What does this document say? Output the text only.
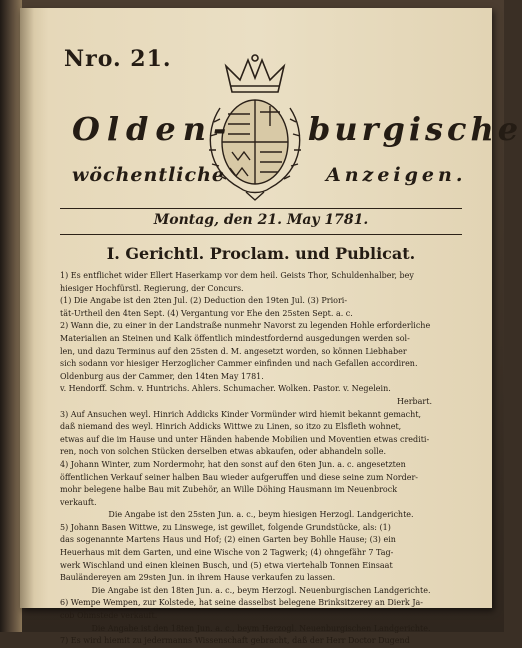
Nro. 21.
Olden- burgische
wöchentliche	Anzeigen.
Montag, den 21. May 1781.
I. Gerichtl. Proclam. und Publicat.

1) Es entflichet wider Ellert Haserkamp vor dem heil. Geists Thor, Schuldenhalber, bey

hiesiger Hochfürstl. Regierung, der Concurs.

(1) Die Angabe ist den 2ten Jul. (2) Deduction den 19ten Jul. (3) Priori-

tät-Urtheil den 4ten Sept. (4) Vergantung vor Ehe den 25sten Sept. a. c.

2) Wann die, zu einer in der Landstraße nunmehr Navorst zu legenden Hohle erforderliche

Materialien an Steinen und Kalk öffentlich mindestfordernd ausgedungen werden sol-

len, und dazu Terminus auf den 25sten d. M. angesetzt worden, so können Liebhaber

sich sodann vor hiesiger Herzoglicher Cammer einfinden und nach Gefallen accordiren.

Oldenburg aus der Cammer, den 14ten May 1781.

v. Hendorff. Schm. v. Huntrichs. Ahlers. Schumacher. Wolken. Pastor. v. Negelein.

Herbart.

3) Auf Ansuchen weyl. Hinrich Addicks Kinder Vormünder wird hiemit bekannt gemacht,

daß niemand des weyl. Hinrich Addicks Wittwe zu Linen, so itzo zu Elsfleth wohnet,

etwas auf die im Hause und unter Händen habende Mobilien und Moventien etwas crediti-

ren, noch von solchen Stücken derselben etwas abkaufen, oder abhandeln solle.

4) Johann Winter, zum Nordermohr, hat den sonst auf den 6ten Jun. a. c. angesetzten

öffentlichen Verkauf seiner halben Bau wieder aufgeruffen und diese seine zum Norder-

mohr belegene halbe Bau mit Zubehör, an Wille Döhing Hausmann im Neuenbrock

verkauft.

Die Angabe ist den 25sten Jun. a. c., beym hiesigen Herzogl. Landgerichte.

5) Johann Basen Wittwe, zu Linswege, ist gewillet, folgende Grundstücke, als: (1)

das sogenannte Martens Haus und Hof; (2) einen Garten bey Bohlle Hause; (3) ein

Heuerhaus mit dem Garten, und eine Wische von 2 Tagwerk; (4) ohngefähr 7 Tag-

werk Wischland und einen kleinen Busch, und (5) etwa viertehalb Tonnen Einsaat

Bauländereyen am 29sten Jun. in ihrem Hause verkaufen zu lassen.

Die Angabe ist den 18ten Jun. a. c., beym Herzogl. Neuenburgischen Landgerichte.

6) Wempe Wempen, zur Kolstede, hat seine dasselbst belegene Brinksitzerey an Dierk Ja-

cob Ohmstede verkauft.

Die Angabe ist den 18ten Jun. a. c., beym Herzogl. Neuenburgischen Landgerichte.

7) Es wird hiemit zu jedermanns Wissenschaft gebracht, daß der Herr Doctor Dugend
